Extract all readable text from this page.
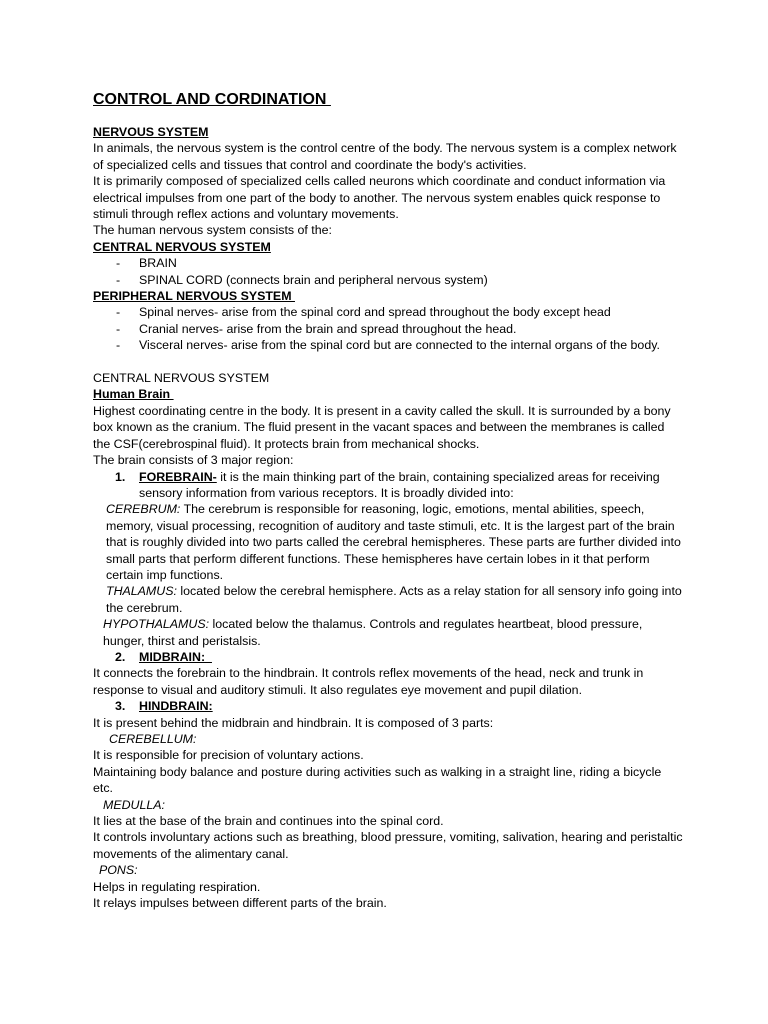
CONTROL AND CORDINATION
NERVOUS SYSTEM

In animals, the nervous system is the control centre of the body. The nervous system is a complex network of specialized cells and tissues that control and coordinate the body's activities.

It is primarily composed of specialized cells called neurons which coordinate and conduct information via electrical impulses from one part of the body to another. The nervous system enables quick response to stimuli through reflex actions and voluntary movements.

The human nervous system consists of the:

CENTRAL NERVOUS SYSTEM
- BRAIN
- SPINAL CORD (connects brain and peripheral nervous system)
PERIPHERAL NERVOUS SYSTEM
- Spinal nerves- arise from the spinal cord and spread throughout the body except head
- Cranial nerves- arise from the brain and spread throughout the head.
- Visceral nerves- arise from the spinal cord but are connected to the internal organs of the body.

CENTRAL NERVOUS SYSTEM

Human Brain

Highest coordinating centre in the body. It is present in a cavity called the skull. It is surrounded by a bony box known as the cranium. The fluid present in the vacant spaces and between the membranes is called the CSF(cerebrospinal fluid). It protects brain from mechanical shocks.

The brain consists of 3 major region:

1. FOREBRAIN- it is the main thinking part of the brain, containing specialized areas for receiving sensory information from various receptors. It is broadly divided into:

CEREBRUM: The cerebrum is responsible for reasoning, logic, emotions, mental abilities, speech, memory, visual processing, recognition of auditory and taste stimuli, etc. It is the largest part of the brain that is roughly divided into two parts called the cerebral hemispheres. These parts are further divided into small parts that perform different functions. These hemispheres have certain lobes in it that perform certain imp functions.

THALAMUS: located below the cerebral hemisphere. Acts as a relay station for all sensory info going into the cerebrum.

HYPOTHALAMUS: located below the thalamus. Controls and regulates heartbeat, blood pressure, hunger, thirst and peristalsis.

2. MIDBRAIN:

It connects the forebrain to the hindbrain. It controls reflex movements of the head, neck and trunk in response to visual and auditory stimuli. It also regulates eye movement and pupil dilation.

3. HINDBRAIN:

It is present behind the midbrain and hindbrain. It is composed of 3 parts:

CEREBELLUM:

It is responsible for precision of voluntary actions.

Maintaining body balance and posture during activities such as walking in a straight line, riding a bicycle etc.

MEDULLA:

It lies at the base of the brain and continues into the spinal cord.

It controls involuntary actions such as breathing, blood pressure, vomiting, salivation, hearing and peristaltic movements of the alimentary canal.

PONS:

Helps in regulating respiration.

It relays impulses between different parts of the brain.
